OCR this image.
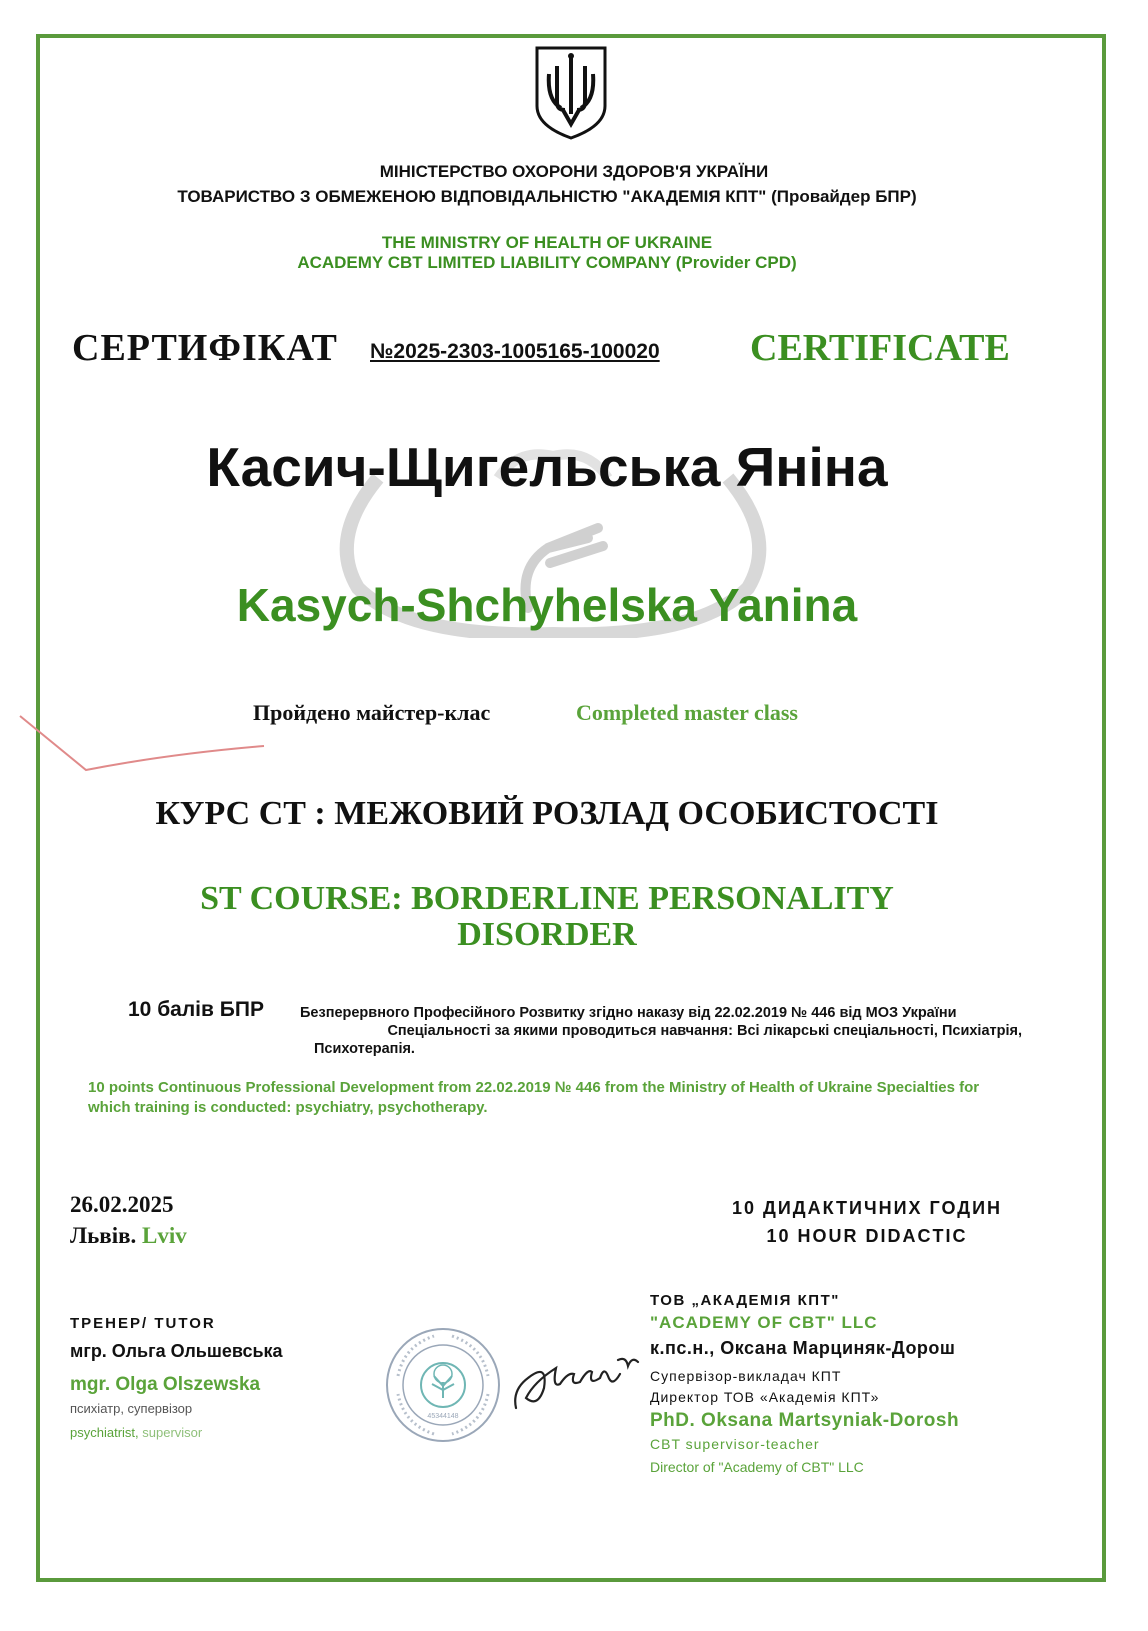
МІНІСТЕРСТВО ОХОРОНИ ЗДОРОВ'Я УКРАЇНИ
ТОВАРИСТВО З ОБМЕЖЕНОЮ ВІДПОВІДАЛЬНІСТЮ "АКАДЕМІЯ КПТ" (Провайдер БПР)
THE MINISTRY OF HEALTH OF UKRAINE
ACADEMY CBT LIMITED LIABILITY COMPANY (Provider CPD)
СЕРТИФІКАТ №2025-2303-1005165-100020 CERTIFICATE
Касич-Щигельська Яніна
Kasych-Shchyhelska Yanina
Пройдено майстер-клас	Completed master class
КУРС СТ : МЕЖОВИЙ РОЗЛАД ОСОБИСТОСТІ
ST COURSE: BORDERLINE PERSONALITY
DISORDER
10 балів БПР Безперервного Професійного Розвитку згідно наказу від 22.02.2019 № 446 від МОЗ України
Спеціальності за якими проводиться навчання: Всі лікарські спеціальності, Психіатрія,
Психотерапія.
10 points Continuous Professional Development from 22.02.2019 № 446 from the Ministry of Health of Ukraine Specialties for
which training is conducted: psychiatry, psychotherapy.
26.02.2025
Львів. Lviv
10 ДИДАКТИЧНИХ ГОДИН
10 HOUR DIDACTIC
ТРЕНЕР/ TUTOR
мгр. Ольга Ольшевська
mgr. Olga Olszewska
психіатр, супервізор
psychiatrist, supervisor
45344148
ТОВ „АКАДЕМІЯ КПТ"
"ACADEMY OF CBT" LLC
к.пс.н., Оксана Марциняк-Дорош
Супервізор-викладач КПТ
Директор ТОВ «Академія КПТ»
PhD. Oksana Martsyniak-Dorosh
CBT supervisor-teacher
Director of "Academy of CBT" LLC
